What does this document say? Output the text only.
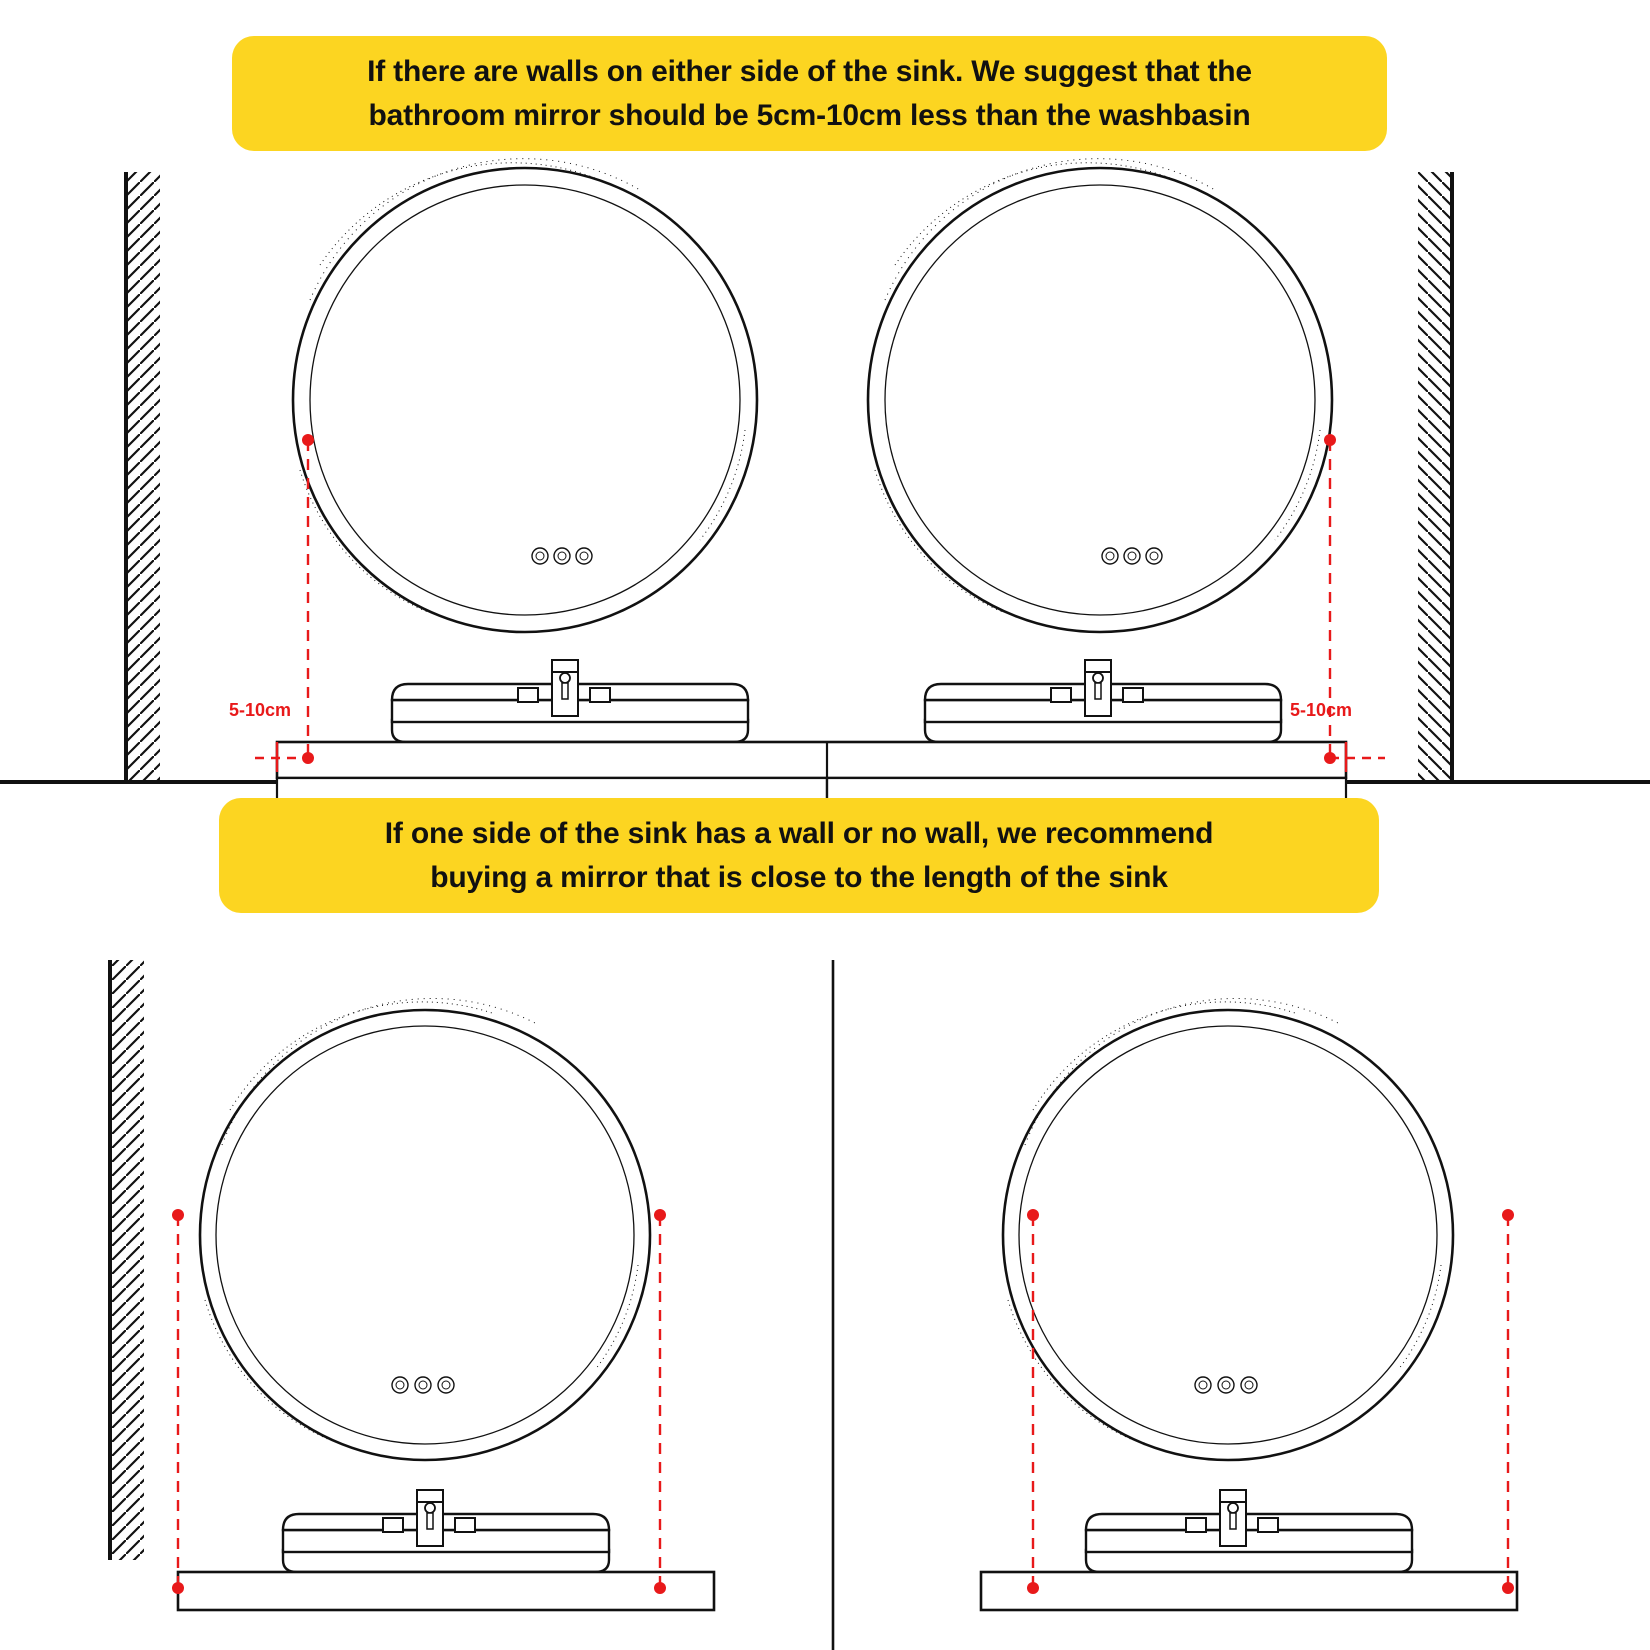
If there are walls on either side of the sink. We suggest that the
bathroom mirror should be 5cm-10cm less than the washbasin
If one side of the sink has a wall or no wall, we recommend
buying a mirror that is close to the length of the sink
5-10cm	5-10cm
